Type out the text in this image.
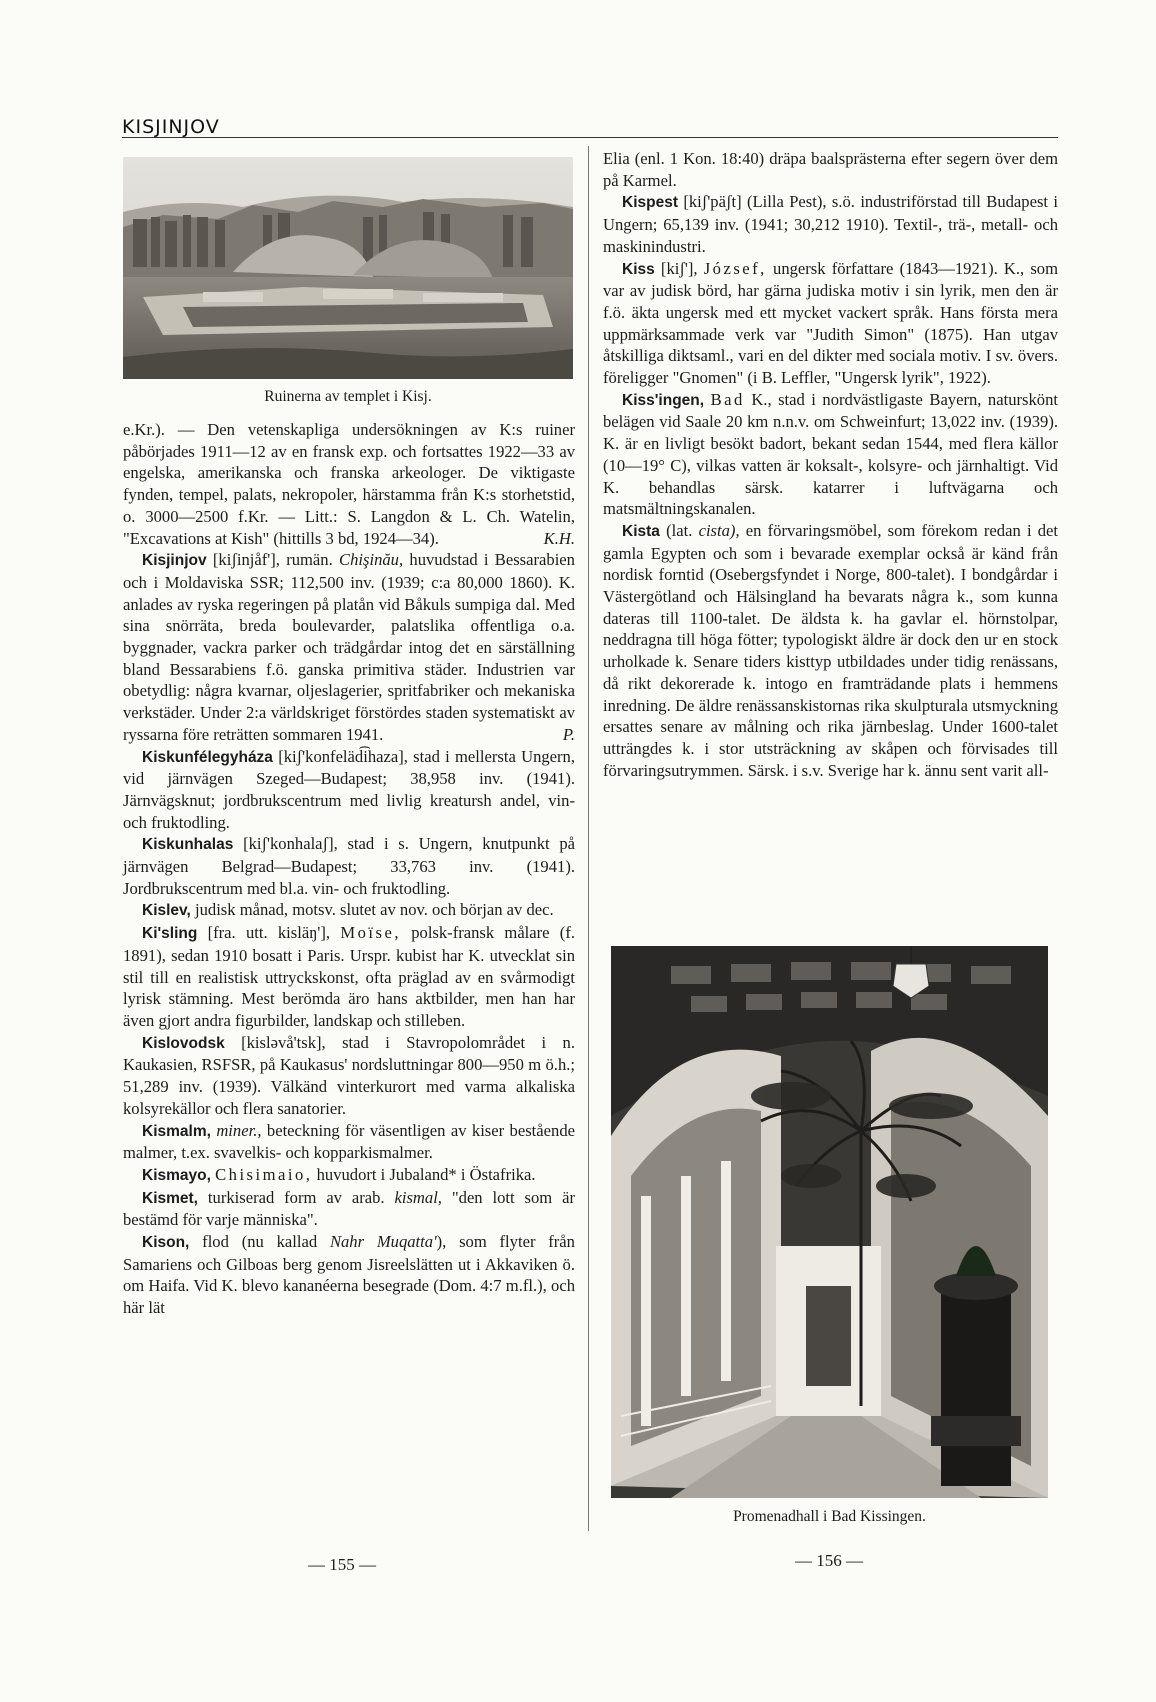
KISJINJOV
Ruinerna av templet i Kisj.

e.Kr.). — Den vetenskapliga undersökningen av K:s ruiner påbörjades 1911—12 av en fransk exp. och fortsattes 1922—33 av engelska, amerikanska och franska arkeologer. De viktigaste fynden, tempel, palats, nekropoler, härstamma från K:s storhetstid, o. 3000—2500 f.Kr. — Litt.: S. Langdon & L. Ch. Watelin, "Excavations at Kish" (hittills 3 bd, 1924—34).	K.H.

Kisjinjov [kiʃinjåf'], rumän. Chişinău, huvudstad i Bessarabien och i Moldaviska SSR; 112,500 inv. (1939; c:a 80,000 1860). K. anlades av ryska regeringen på platån vid Båkuls sumpiga dal. Med sina snörräta, breda boulevarder, palatslika offentliga o.a. byggnader, vackra parker och trädgårdar intog det en särställning bland Bessarabiens f.ö. ganska primitiva städer. Industrien var obetydlig: några kvarnar, oljeslagerier, spritfabriker och mekaniska verkstäder. Under 2:a världskriget förstördes staden systematiskt av ryssarna före reträtten sommaren 1941.	P.

Kiskunfélegyháza [kiʃ'konfeläd͡ihaza], stad i mellersta Ungern, vid järnvägen Szeged—Budapest; 38,958 inv. (1941). Järnvägsknut; jordbrukscentrum med livlig kreatursh andel, vin- och fruktodling.

Kiskunhalas [kiʃ'konhalaʃ], stad i s. Ungern, knutpunkt på järnvägen Belgrad—Budapest; 33,763 inv. (1941). Jordbrukscentrum med bl.a. vin- och fruktodling.

Kislev, judisk månad, motsv. slutet av nov. och början av dec.

Ki'sling [fra. utt. kisläŋ'], Moïse, polsk-fransk målare (f. 1891), sedan 1910 bosatt i Paris. Urspr. kubist har K. utvecklat sin stil till en realistisk uttryckskonst, ofta präglad av en svårmodigt lyrisk stämning. Mest berömda äro hans aktbilder, men han har även gjort andra figurbilder, landskap och stilleben.

Kislovodsk [kisləvå'tsk], stad i Stavropolområdet i n. Kaukasien, RSFSR, på Kaukasus' nordsluttningar 800—950 m ö.h.; 51,289 inv. (1939). Välkänd vinterkurort med varma alkaliska kolsyrekällor och flera sanatorier.

Kismalm, miner., beteckning för väsentligen av kiser bestående malmer, t.ex. svavelkis- och kopparkismalmer.

Kismayo, Chisimaio, huvudort i Jubaland* i Östafrika.

Kismet, turkiserad form av arab. kismal, "den lott som är bestämd för varje människa".

Kison, flod (nu kallad Nahr Muqatta'), som flyter från Samariens och Gilboas berg genom Jisreelslätten ut i Akkaviken ö. om Haifa. Vid K. blevo kananéerna besegrade (Dom. 4:7 m.fl.), och här lät

Elia (enl. 1 Kon. 18:40) dräpa baalsprästerna efter segern över dem på Karmel.

Kispest [kiʃ'päʃt] (Lilla Pest), s.ö. industriförstad till Budapest i Ungern; 65,139 inv. (1941; 30,212 1910). Textil-, trä-, metall- och maskinindustri.

Kiss [kiʃ'], József, ungersk författare (1843—1921). K., som var av judisk börd, har gärna judiska motiv i sin lyrik, men den är f.ö. äkta ungersk med ett mycket vackert språk. Hans första mera uppmärksammade verk var "Judith Simon" (1875). Han utgav åtskilliga diktsaml., vari en del dikter med sociala motiv. I sv. övers. föreligger "Gnomen" (i B. Leffler, "Ungersk lyrik", 1922).

Kiss'ingen, Bad K., stad i nordvästligaste Bayern, naturskönt belägen vid Saale 20 km n.n.v. om Schweinfurt; 13,022 inv. (1939). K. är en livligt besökt badort, bekant sedan 1544, med flera källor (10—19° C), vilkas vatten är koksalt-, kolsyre- och järnhaltigt. Vid K. behandlas särsk. katarrer i luftvägarna och matsmältningskanalen.

Kista (lat. cista), en förvaringsmöbel, som förekom redan i det gamla Egypten och som i bevarade exemplar också är känd från nordisk forntid (Osebergsfyndet i Norge, 800-talet). I bondgårdar i Västergötland och Hälsingland ha bevarats några k., som kunna dateras till 1100-talet. De äldsta k. ha gavlar el. hörnstolpar, neddragna till höga fötter; typologiskt äldre är dock den ur en stock urholkade k. Senare tiders kisttyp utbildades under tidig renässans, då rikt dekorerade k. intogo en framträdande plats i hemmens inredning. De äldre renässanskistornas rika skulpturala utsmyckning ersattes senare av målning och rika järnbeslag. Under 1600-talet utträngdes k. i stor utsträckning av skåpen och förvisades till förvaringsutrymmen. Särsk. i s.v. Sverige har k. ännu sent varit all-

Promenadhall i Bad Kissingen.
— 155 —	— 156 —
